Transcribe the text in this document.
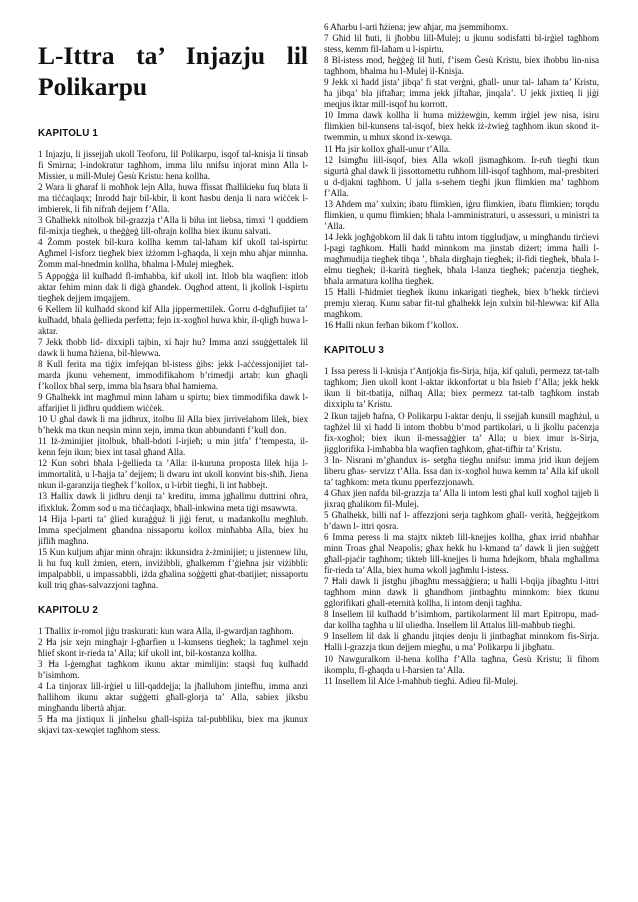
L-Ittra ta’ Injazju lil Polikarpu
KAPITOLU 1

1 Injazju, li jissejjaħ ukoll Teoforu, lil Polikarpu, isqof tal-knisja li tinsab fi Smirna; l-indokratur tagħhom, imma lilu nnifsu injorat minn Alla l-Missier, u mill-Mulej Ġesù Kristu: hena kollha.

2 Wara li għaraf li moħħok lejn Alla, huwa ffissat fħallikieku fuq blata li ma tiċċaqlaqx; Inrodd ħajr bil-kbir, li kont ħasbu denja li nara wiċċek l-imbierek, li fih nifraħ dejjem f’Alla.

3 Għalhekk nitolbok bil-grazzja t’Alla li biha int liebsa, timxi ‘l quddiem fil-mixja tiegħek, u theġġeġ lill-oħrajn kollha biex ikunu salvati.

4 Żomm postek bil-kura kollha kemm tal-laħam kif ukoll tal-ispirtu: Agħmel l-isforz tiegħek biex iżżomm l-għaqda, li xejn mhu aħjar minnha. Żomm mal-bnedmin kollha, bħalma l-Mulej miegħek.

5 Appoġġa lil kulħadd fl-imħabba, kif ukoll int. Itlob bla waqfien: itlob aktar fehim minn dak li diġà għandek. Oqgħod attent, li jkollok l-ispirtu tiegħek dejjem imqajjem.

6 Kellem lil kulħadd skond kif Alla jippermettilek. Ġorru d-dgħufijiet ta’ kulħadd, bħala ġellieda perfetta; fejn ix-xogħol huwa kbir, il-qligħ huwa l-aktar.

7 Jekk tħobb lid- dixxipli tajbin, xi ħajr hu? Imma anzi ssuġġettalek lil dawk li huma ħżiena, bil-ħlewwa.

8 Kull ferita ma tiġix imfejqan bl-istess ġibs: jekk l-aċċessjonijiet tal-marda jkunu vehement, immodifikahom b’rimedji artab: kun għaqli f’kollox bħal serp, imma bla ħsara bħal ħamiema.

9 Għalhekk int magħmul minn laħam u spirtu; biex timmodifika dawk l-affarijiet li jidhru quddiem wiċċek.

10 U għal dawk li ma jidhrux, itolbu lil Alla biex jirrivelahom lilek, biex b’hekk ma tkun neqsin minn xejn, imma tkun abbundanti f’kull don.

11 Iż-żminijiet jitolbuk, bħall-bdoti l-irjieħ; u min jitfa’ f’tempesta, il-kenn fejn ikun; biex int tasal għand Alla.

12 Kun sobri bħala l-ġellieda ta ’Alla: il-kuruna proposta lilek hija l-immortalità, u l-ħajja ta’ dejjem; li dwaru int ukoll konvint bis-sħiħ. Jiena nkun il-garanzija tiegħek f’kollox, u l-irbit tiegħi, li int ħabbejt.

13 Ħallix dawk li jidhru denji ta’ kreditu, imma jgħallmu duttrini oħra, ifixkluk. Żomm sod u ma tiċċaqlaqx, bħall-inkwina meta tiġi msawwta.

14 Hija l-parti ta’ ġlied kuraġġuż li jiġi ferut, u madankollu megħlub. Imma speċjalment għandna nissaportu kollox minħabba Alla, biex hu jifliħ magħna.

15 Kun kuljum aħjar minn oħrajn: ikkunsidra ż-żminijiet; u jistennew lilu, li hu fuq kull żmien, etern, inviżibbli, għalkemm f’ġieħna jsir viżibbli: impalpabbli, u impassabbli, iżda għalina soġġetti għat-tbatijiet; nissaportu kull triq għas-salvazzjoni tagħna.

KAPITOLU 2

1 Tħallix ir-romol jiġu traskurati: kun wara Alla, il-gwardjan tagħhom.

2 Ħa jsir xejn mingħajr l-għarfien u l-kunsens tiegħek; la tagħmel xejn ħlief skont ir-rieda ta’ Alla; kif ukoll int, bil-kostanza kollha.

3 Ħa l-ġemgħat tagħkom ikunu aktar mimlijin: staqsi fuq kulħadd b’isimhom.

4 La tinjorax lill-irġiel u lill-qaddejja; la jħalluhom jintefħu, imma anzi ħallihom ikunu aktar suġġetti għall-glorja ta’ Alla, sabiex jiksbu mingħandu libertà aħjar.

5 Ħa ma jixtiqux li jinħelsu għall-ispiża tal-pubbliku, biex ma jkunux skjavi tax-xewqiet tagħhom stess.

6 Aħarbu l-arti ħżiena; jew aħjar, ma jsemmihomx.

7 Għid lil ħuti, li jħobbu lill-Mulej; u jkunu sodisfatti bl-irġiel tagħhom stess, kemm fil-laħam u l-ispirtu.

8 Bl-istess mod, ħeġġeġ lil ħuti, f’isem Ġesù Kristu, biex iħobbu lin-nisa tagħhom, bħalma hu l-Mulej il-Knisja.

9 Jekk xi ħadd jista’ jibqa’ fi stat verġni, għall- unur tal- laħam ta’ Kristu, ħa jibqa’ bla jiftaħar; imma jekk jiftaħar, jinqala’. U jekk jixtieq li jiġi meqjus iktar mill-isqof hu korrott.

10 Imma dawk kollha li huma miżżewġin, kemm irġiel jew nisa, isiru flimkien bil-kunsens tal-isqof, biex hekk iż-żwieġ tagħhom ikun skond it-twemmin, u mhux skond ix-xewqa.

11 Ħa jsir kollox għall-unur t’Alla.

12 Isimgħu lill-isqof, biex Alla wkoll jismagħkom. Ir-ruħ tiegħi tkun sigurtà għal dawk li jissottomettu ruħhom lill-isqof tagħhom, mal-presbiteri u d-djakni tagħhom. U jalla s-sehem tiegħi jkun flimkien ma’ tagħhom f’Alla.

13 Aħdem ma’ xulxin; ibatu flimkien, iġru flimkien, ibatu flimkien; torqdu flimkien, u qumu flimkien; bħala l-amministraturi, u assessuri, u ministri ta ’Alla.

14 Jekk jogħġobkom lil dak li taħtu intom tiggludjaw, u mingħandu tirċievi l-pagi tagħkom. Ħalli ħadd minnkom ma jinstab diżert; imma ħalli l-magħmudija tiegħek tibqa ’, bħala dirgħajn tiegħek; il-fidi tiegħek, bħala l-elmu tiegħek; il-karità tiegħek, bħala l-lanza tiegħek; paċenzja tiegħek, bħala armatura kollha tiegħek.

15 Ħalli l-ħidmiet tiegħek ikunu inkarigati tiegħek, biex b’hekk tirċievi premju xieraq. Kunu sabar fit-tul għalhekk lejn xulxin bil-ħlewwa: kif Alla magħkom.

16 Ħalli nkun ferħan bikom f’kollox.

KAPITOLU 3

1 Issa peress li l-knisja t’Antjokja fis-Sirja, hija, kif qaluli, permezz tat-talb tagħkom; Jien ukoll kont l-aktar ikkonfortat u bla ħsieb f’Alla; jekk hekk ikun li bit-tbatija, nilħaq Alla; biex permezz tat-talb tagħkom instab dixxiplu ta’ Kristu.

2 Ikun tajjeb ħafna, O Polikarpu l-aktar denju, li ssejjaħ kunsill magħżul, u tagħżel lil xi ħadd li intom tħobbu b’mod partikolari, u li jkollu paċenzja fix-xogħol; biex ikun il-messaġġier ta’ Alla; u biex imur is-Sirja, jigglorifika l-imħabba bla waqfien tagħkom, għat-tifħir ta’ Kristu.

3 In- Nisrani m’għandux is- setgħa tiegħu nnifsu: imma jrid ikun dejjem liberu għas- servizz t’Alla. Issa dan ix-xogħol huwa kemm ta’ Alla kif ukoll ta’ tagħkom: meta tkunu pperfezzjonawh.

4 Għax jien nafda bil-grazzja ta’ Alla li intom lesti għal kull xogħol tajjeb li jixraq għalikom fil-Mulej.

5 Għalhekk, billi naf l- affezzjoni serja tagħkom għall- verità, ħeġġejtkom b’dawn l- ittri qosra.

6 Imma peress li ma stajtx nikteb lill-knejjes kollha, għax irrid nbaħħar minn Troas għal Neapolis; għax hekk hu l-kmand ta’ dawk li jien suġġett għall-pjaċir tagħhom; tikteb lill-knejjes li huma ħdejkom, bħala mgħallma fir-rieda ta’ Alla, biex huma wkoll jagħmlu l-istess.

7 Ħali dawk li jistgħu jibagħtu messaġġiera; u ħalli l-bqija jibagħtu l-ittri tagħhom minn dawk li għandhom jintbagħtu minnkom: biex tkunu gglorifikati għall-eternità kollha, li intom denji tagħha.

8 Insellem lil kulħadd b’isimhom, partikolarment lil mart Epitropu, mad-dar kollha tagħha u lil uliedha. Insellem lil Attalus lill-maħbub tiegħi.

9 Insellem lil dak li għandu jitqies denju li jintbagħat minnkom fis-Sirja. Ħalli l-grazzja tkun dejjem miegħu, u ma’ Polikarpu li jibgħatu.

10 Nawguralkom il-hena kollha f’Alla tagħna, Ġesù Kristu; li fihom ikomplu, fl-għaqda u l-ħarsien ta’ Alla.

11 Insellem lil Alċe l-maħbub tiegħi. Adieu fil-Mulej.
